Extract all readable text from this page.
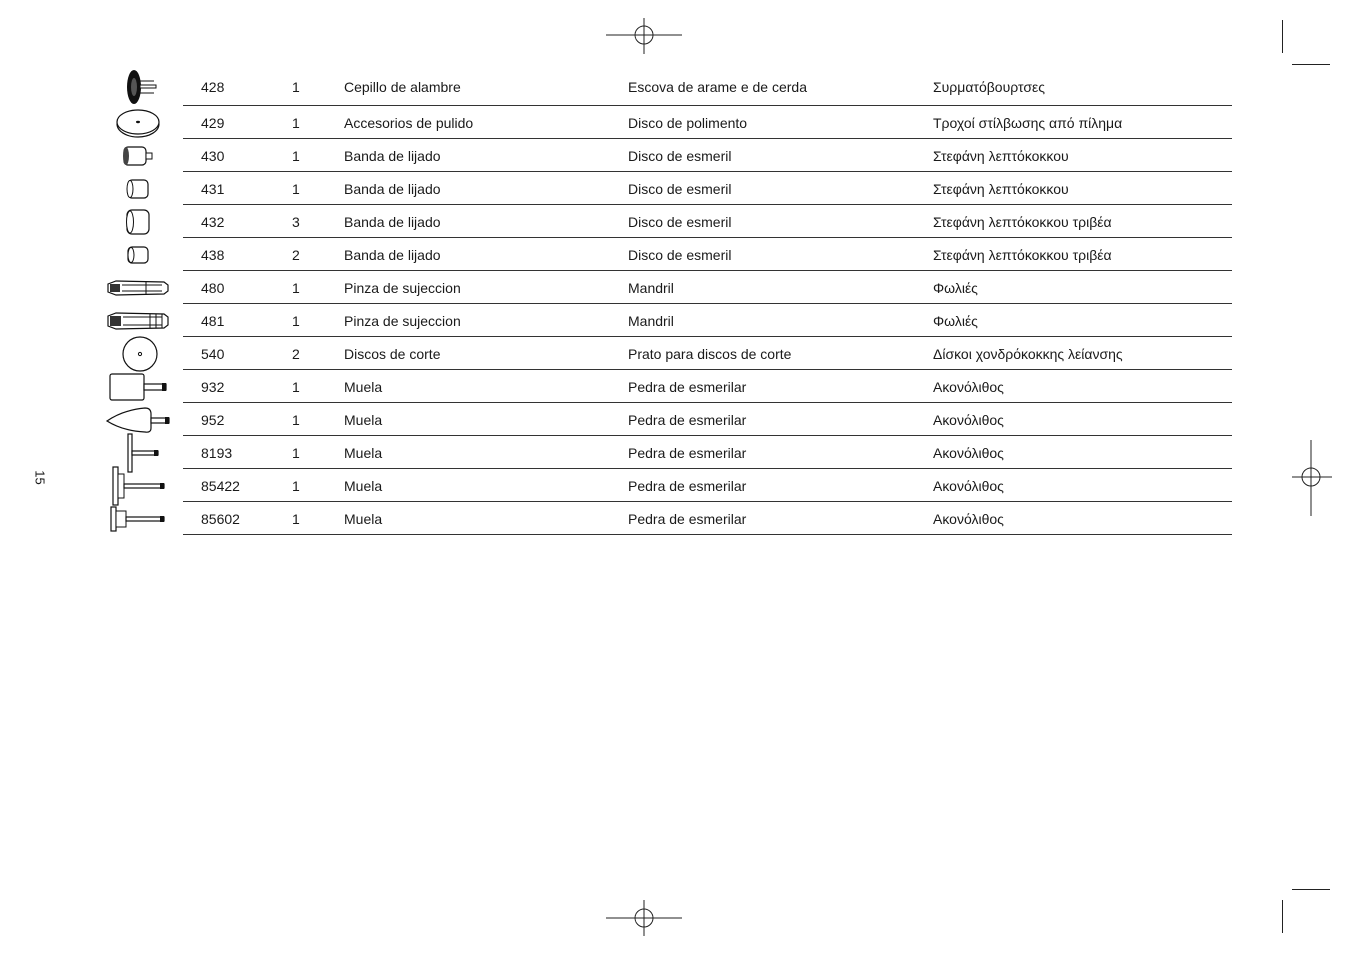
15
428	1	Cepillo de alambre	Escova de arame e de cerda	Συρματόβουρτσες
429	1	Accesorios de pulido	Disco de polimento	Τροχοί στίλβωσης από πίλημα
430	1	Banda de lijado	Disco de esmeril	Στεφάνη λεπτόκοκκου
431	1	Banda de lijado	Disco de esmeril	Στεφάνη λεπτόκοκκου
432	3	Banda de lijado	Disco de esmeril	Στεφάνη λεπτόκοκκου τριβέα
438	2	Banda de lijado	Disco de esmeril	Στεφάνη λεπτόκοκκου τριβέα
480	1	Pinza de sujeccion	Mandril	Φωλιές
481	1	Pinza de sujeccion	Mandril	Φωλιές
540	2	Discos de corte	Prato para discos de corte	Δίσκοι χονδρόκοκκης λείανσης
932	1	Muela	Pedra de esmerilar	Ακονόλιθος
952	1	Muela	Pedra de esmerilar	Ακονόλιθος
8193	1	Muela	Pedra de esmerilar	Ακονόλιθος
85422	1	Muela	Pedra de esmerilar	Ακονόλιθος
85602	1	Muela	Pedra de esmerilar	Ακονόλιθος
